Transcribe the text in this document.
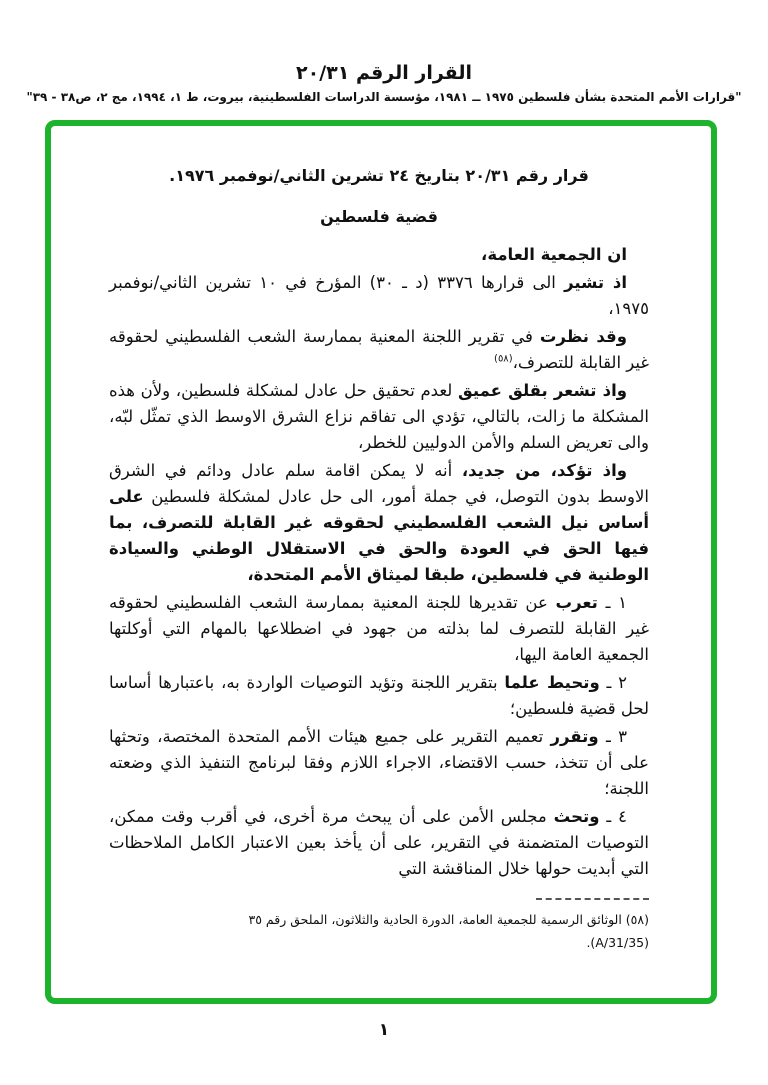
القرار الرقم ٢٠/٣١
"قرارات الأمم المتحدة بشأن فلسطين ١٩٧٥ ــ ١٩٨١، مؤسسة الدراسات الفلسطينية، بيروت، ط ١، ١٩٩٤، مج ٢، ص٣٨ - ٣٩"
قرار رقم ٢٠/٣١ بتاريخ ٢٤ تشرين الثاني/نوفمبر ١٩٧٦.
قضية فلسطين

ان الجمعية العامة،

اذ تشير الى قرارها ٣٣٧٦ (د ـ ٣٠) المؤرخ في ١٠ تشرين الثاني/نوفمبر ١٩٧٥،

وقد نظرت في تقرير اللجنة المعنية بممارسة الشعب الفلسطيني لحقوقه غير القابلة للتصرف،$^{(٥٨)}$

واذ تشعر بقلق عميق لعدم تحقيق حل عادل لمشكلة فلسطين، ولأن هذه المشكلة ما زالت، بالتالي، تؤدي الى تفاقم نزاع الشرق الاوسط الذي تمثّل لبّه، والى تعريض السلم والأمن الدوليين للخطر،

واذ تؤكد، من جديد، أنه لا يمكن اقامة سلم عادل ودائم في الشرق الاوسط بدون التوصل، في جملة أمور، الى حل عادل لمشكلة فلسطين على أساس نيل الشعب الفلسطيني لحقوقه غير القابلة للتصرف، بما فيها الحق في العودة والحق في الاستقلال الوطني والسيادة الوطنية في فلسطين، طبقا لميثاق الأمم المتحدة،

١ ـ تعرب عن تقديرها للجنة المعنية بممارسة الشعب الفلسطيني لحقوقه غير القابلة للتصرف لما بذلته من جهود في اضطلاعها بالمهام التي أوكلتها الجمعية العامة اليها،

٢ ـ وتحيط علما بتقرير اللجنة وتؤيد التوصيات الواردة به، باعتبارها أساسا لحل قضية فلسطين؛

٣ ـ وتقرر تعميم التقرير على جميع هيئات الأمم المتحدة المختصة، وتحثها على أن تتخذ، حسب الاقتضاء، الاجراء اللازم وفقا لبرنامج التنفيذ الذي وضعته اللجنة؛

٤ ـ وتحث مجلس الأمن على أن يبحث مرة أخرى، في أقرب وقت ممكن، التوصيات المتضمنة في التقرير، على أن يأخذ بعين الاعتبار الكامل الملاحظات التي أبديت حولها خلال المناقشة التي

(٥٨) الوثائق الرسمية للجمعية العامة، الدورة الحادية والثلاثون، الملحق رقم ٣٥

(A/31/35).

١
